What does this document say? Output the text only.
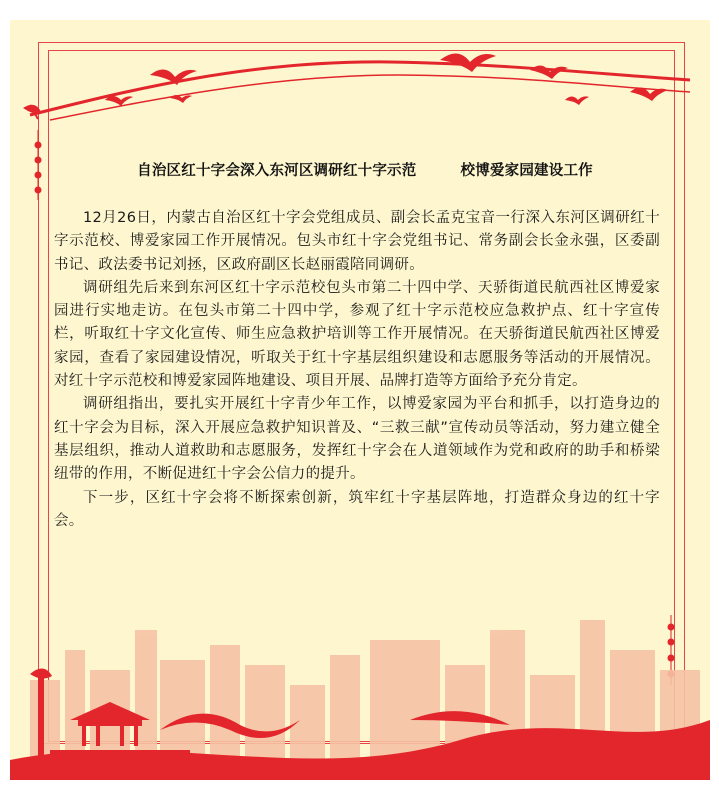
自治区红十字会深入东河区调研红十字示范　　　校博爱家园建设工作

12月26日，内蒙古自治区红十字会党组成员、副会长孟克宝音一行深入东河区调研红十字示范校、博爱家园工作开展情况。包头市红十字会党组书记、常务副会长金永强，区委副书记、政法委书记刘拯，区政府副区长赵丽霞陪同调研。

调研组先后来到东河区红十字示范校包头市第二十四中学、天骄街道民航西社区博爱家园进行实地走访。在包头市第二十四中学，参观了红十字示范校应急救护点、红十字宣传栏，听取红十字文化宣传、师生应急救护培训等工作开展情况。在天骄街道民航西社区博爱家园，查看了家园建设情况，听取关于红十字基层组织建设和志愿服务等活动的开展情况。对红十字示范校和博爱家园阵地建设、项目开展、品牌打造等方面给予充分肯定。

调研组指出，要扎实开展红十字青少年工作，以博爱家园为平台和抓手，以打造身边的红十字会为目标，深入开展应急救护知识普及、“三救三献”宣传动员等活动，努力建立健全基层组织，推动人道救助和志愿服务，发挥红十字会在人道领域作为党和政府的助手和桥梁纽带的作用，不断促进红十字会公信力的提升。

下一步，区红十字会将不断探索创新，筑牢红十字基层阵地，打造群众身边的红十字会。
